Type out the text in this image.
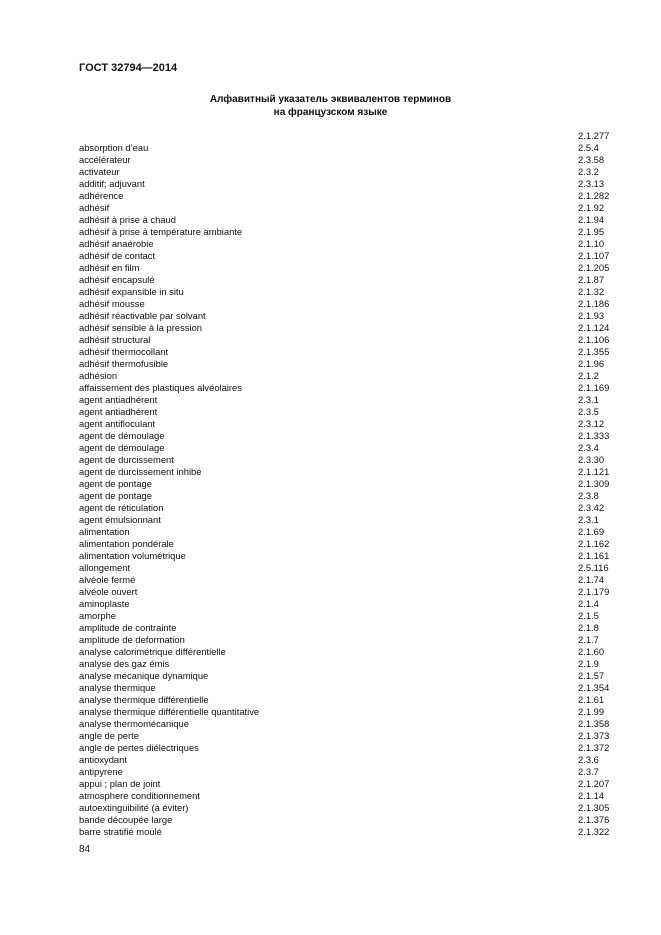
ГОСТ 32794—2014
Алфавитный указатель эквивалентов терминов
на французском языке
2.1.277
absorption d’eau	2.5.4
accélérateur	2.3.58
activateur	2.3.2
additif; adjuvant	2.3.13
adhérence	2.1.282
adhésif	2.1.92
adhésif à prise à chaud	2.1.94
adhésif à prise à température ambiante	2.1.95
adhésif anaérobie	2.1.10
adhésif de contact	2.1.107
adhésif en film	2.1.205
adhésif encapsulé	2.1.87
adhésif expansible in situ	2.1.32
adhésif mousse	2.1.186
adhésif réactivable par solvant	2.1.93
adhésif sensible à la pression	2.1.124
adhésif structural	2.1.106
adhésif thermocollant	2.1.355
adhésif thermofusible	2.1.96
adhésion	2.1.2
affaissement des plastiques alvéolaires	2.1.169
agent antiadhérent	2.3.1
agent antiadhérent	2.3.5
agent antifloculant	2.3.12
agent de démoulage	2.1.333
agent de démoulage	2.3.4
agent de durcissement	2.3.30
agent de durcissement inhibé	2.1.121
agent de pontage	2.1.309
agent de pontage	2.3.8
agent de réticulation	2.3.42
agent émulsionnant	2.3.1
alimentation	2.1.69
alimentation pondérale	2.1.162
alimentation volumétrique	2.1.161
allongement	2.5.116
alvéole fermé	2.1.74
alvéole ouvert	2.1.179
aminoplaste	2.1.4
amorphe	2.1.5
amplitude de contrainte	2.1.8
amplitude de deformation	2.1.7
analyse calorimétrique différentielle	2.1.60
analyse des gaz émis	2.1.9
analyse mécanique dynamique	2.1.57
analyse thermique	2.1.354
analyse thermique différentielle	2.1.61
analyse thermique différentielle quantitative	2.1.99
analyse thermomécanique	2.1.358
angle de perte	2.1.373
angle de pertes diélectriques	2.1.372
antioxydant	2.3.6
antipyrene	2.3.7
appui ; plan de joint	2.1.207
atmosphere conditionnement	2.1.14
autoextinguibilité (à éviter)	2.1.305
bande découpée large	2.1.376
barre stratifié moulé	2.1.322
84
